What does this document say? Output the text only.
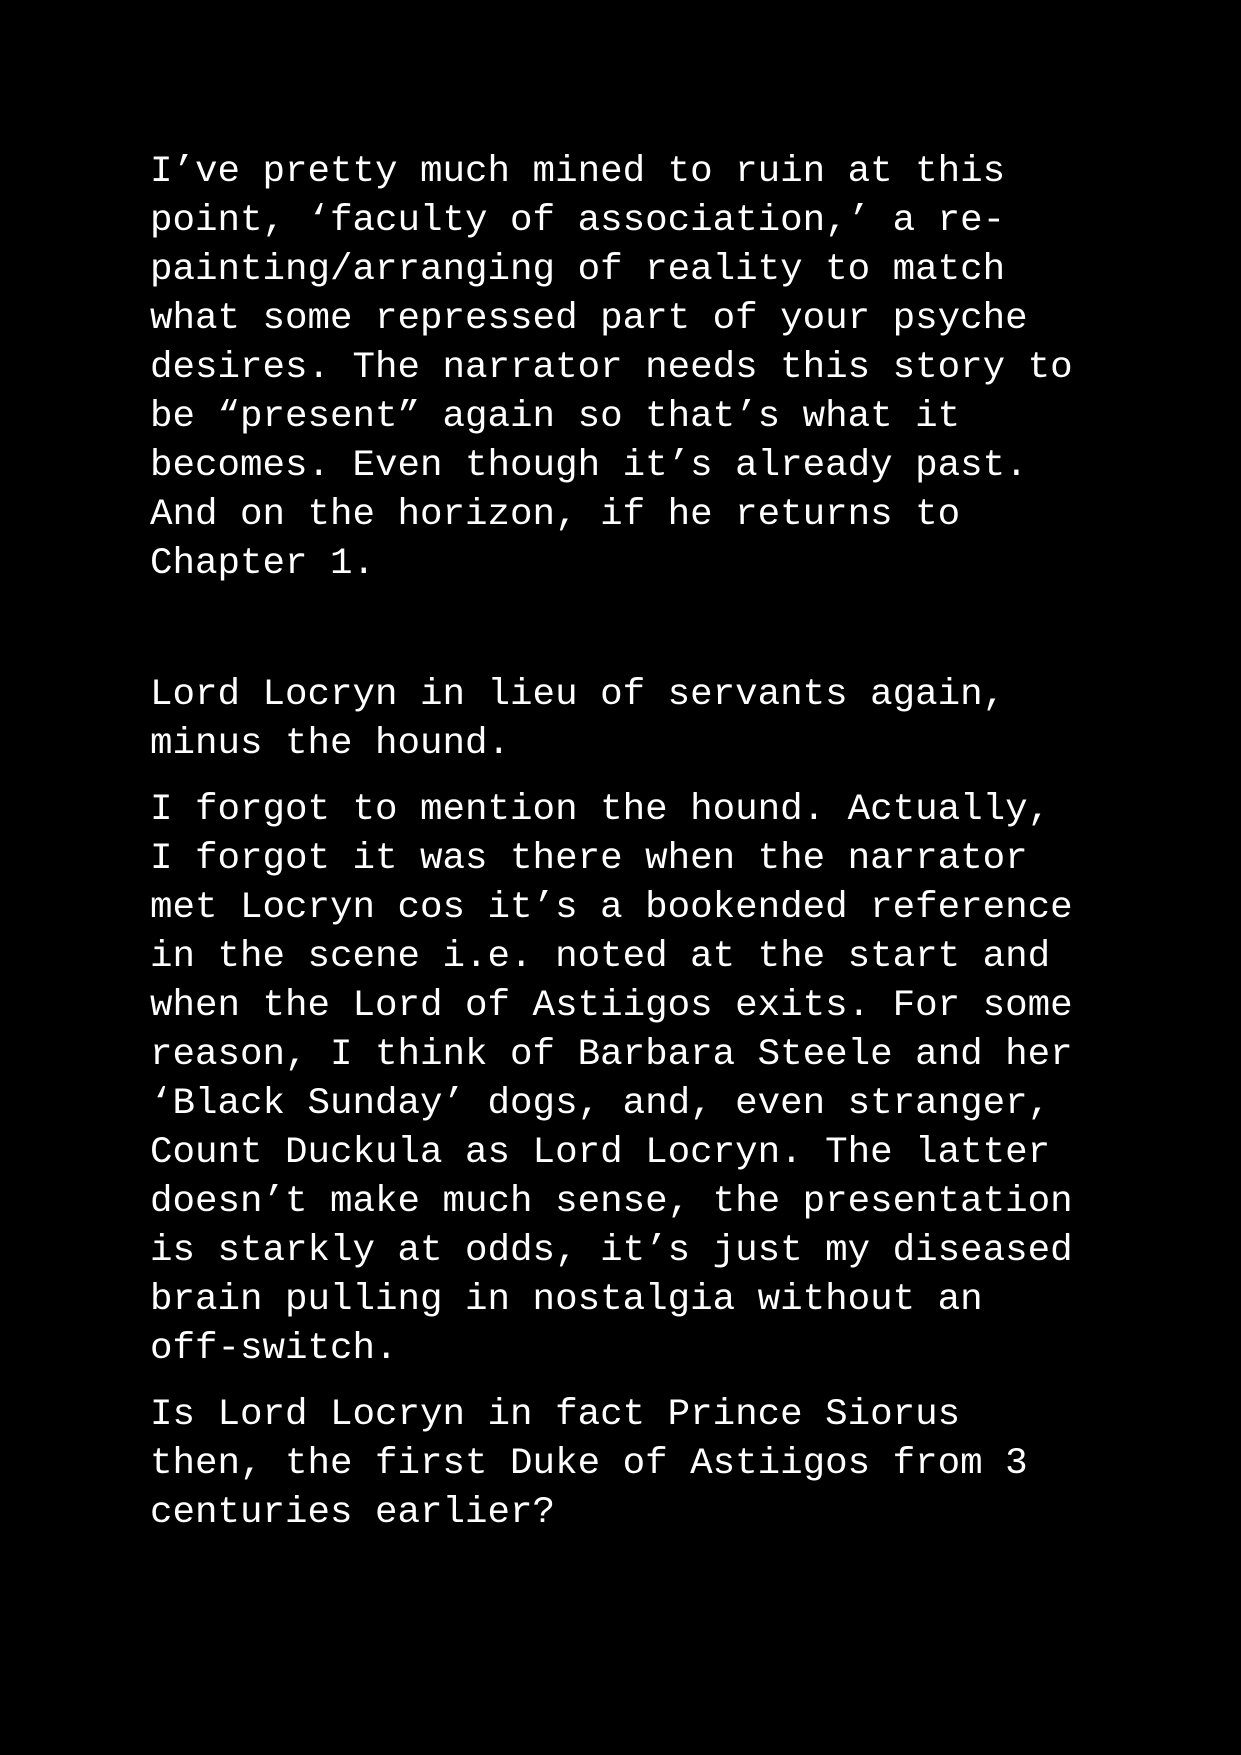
I’ve pretty much mined to ruin at this
point, ‘faculty of association,’ a re-
painting/arranging of reality to match
what some repressed part of your psyche
desires. The narrator needs this story to
be “present” again so that’s what it
becomes. Even though it’s already past.
And on the horizon, if he returns to
Chapter 1.

Lord Locryn in lieu of servants again,
minus the hound.

I forgot to mention the hound. Actually,
I forgot it was there when the narrator
met Locryn cos it’s a bookended reference
in the scene i.e. noted at the start and
when the Lord of Astiigos exits. For some
reason, I think of Barbara Steele and her
‘Black Sunday’ dogs, and, even stranger,
Count Duckula as Lord Locryn. The latter
doesn’t make much sense, the presentation
is starkly at odds, it’s just my diseased
brain pulling in nostalgia without an
off-switch.

Is Lord Locryn in fact Prince Siorus
then, the first Duke of Astiigos from 3
centuries earlier?
